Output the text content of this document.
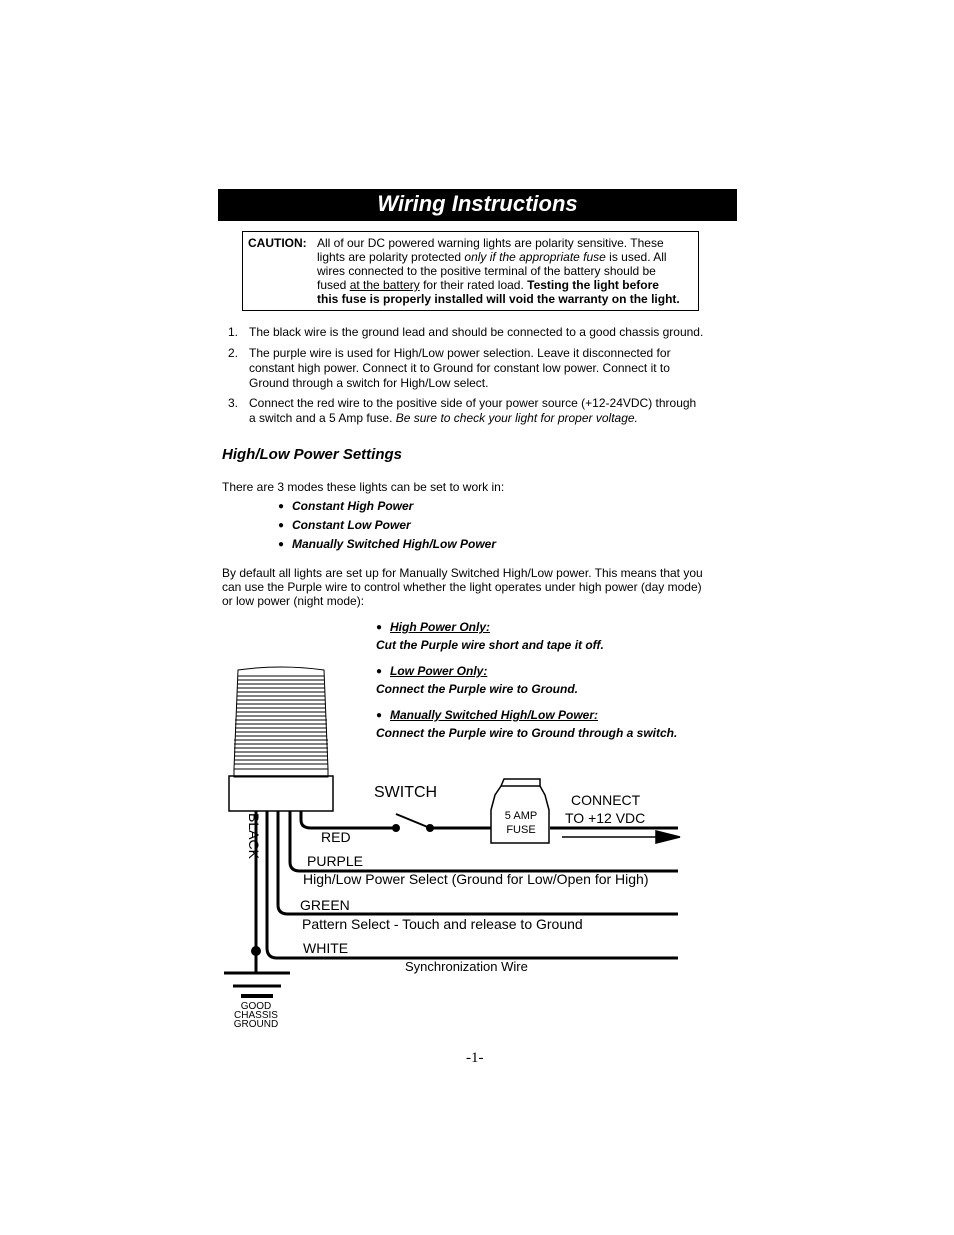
Wiring Instructions
CAUTION: All of our DC powered warning lights are polarity sensitive. These
lights are polarity protected only if the appropriate fuse is used. All
wires connected to the positive terminal of the battery should be
fused at the battery for their rated load. Testing the light before
this fuse is properly installed will void the warranty on the light.
1. The black wire is the ground lead and should be connected to a good chassis ground.
2. The purple wire is used for High/Low power selection. Leave it disconnected for
constant high power. Connect it to Ground for constant low power. Connect it to
Ground through a switch for High/Low select.
3. Connect the red wire to the positive side of your power source (+12-24VDC) through
a switch and a 5 Amp fuse. Be sure to check your light for proper voltage.
High/Low Power Settings
There are 3 modes these lights can be set to work in:
● Constant High Power
● Constant Low Power
● Manually Switched High/Low Power
By default all lights are set up for Manually Switched High/Low power. This means that you
can use the Purple wire to control whether the light operates under high power (day mode)
or low power (night mode):
● High Power Only:
Cut the Purple wire short and tape it off.
● Low Power Only:
Connect the Purple wire to Ground.
● Manually Switched High/Low Power:
Connect the Purple wire to Ground through a switch.
SWITCH
5 AMP
FUSE
CONNECT
TO +12 VDC
BLACK	RED
PURPLE
High/Low Power Select (Ground for Low/Open for High)
GREEN
Pattern Select - Touch and release to Ground
WHITE
Synchronization Wire
GOOD
CHASSIS
GROUND
-1-
